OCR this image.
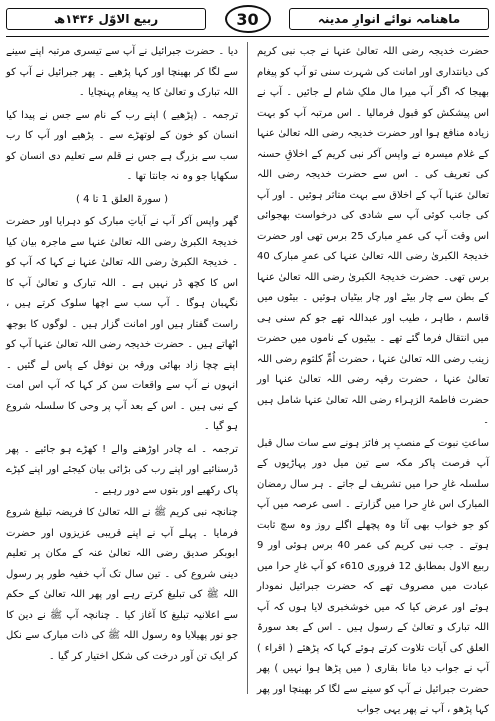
ربیع الاوّل ۱۴۳۶ھ	30	ماهنامہ نوائے انوارِ مدینہ

حضرت خدیجہ رضی اللہ تعالیٰ عنہا نے جب نبی کریم کی دیانتداری اور امانت کی شہرت سنی تو آپ کو پیغام بھیجا کہ اگر آپ میرا مال ملکِ شام لے جائیں ۔ آپ نے اس پیشکش کو قبول فرمالیا ۔ اس مرتبہ آپ کو بہت زیادہ منافع ہوا اور حضرت خدیجہ رضی اللہ تعالیٰ عنہا کے غلام میسرہ نے واپس آکر نبی کریم کے اخلاقِ حسنہ کی تعریف کی ۔ اس سے حضرت خدیجہ رضی اللہ تعالیٰ عنہا آپ کے اخلاق سے بہت متاثر ہوئیں ۔ اور آپ کی جانب کوئی آپ سے شادی کی درخواست بھجوائی اس وقت آپ کی عمرِ مبارک 25 برس تھی اور حضرت خدیجۃ الکبریٰ رضی اللہ تعالیٰ عنہا کی عمرِ مبارک 40 برس تھی۔ حضرت خدیجۃ الکبریٰ رضی اللہ تعالیٰ عنہا کے بطن سے چار بیٹے اور چار بیٹیاں ہوئیں ۔ بیٹوں میں قاسم ، طاہر ، طیب اور عبداللہ تھے جو کم سنی ہی میں انتقال فرما گئے تھے ۔ بیٹیوں کے ناموں میں حضرت زینب رضی اللہ تعالیٰ عنہا ، حضرت اُمِّ کلثوم رضی اللہ تعالیٰ عنہا ، حضرت رقیہ رضی اللہ تعالیٰ عنہا اور حضرت فاطمۃ الزہراء رضی اللہ تعالیٰ عنہا شامل ہیں ۔

ساعتِ نبوت کے منصبِ پر فائز ہونے سے سات سال قبل آپ فرصت پاکر مکہ سے تین میل دور پہاڑیوں کے سلسلہ غارِ حرا میں تشریف لے جاتے ۔ ہر سال رمضان المبارک اس غارِ حرا میں گزارتے ۔ اسی عرصہ میں آپ کو جو خواب بھی آتا وہ پچھلے اگلے روز وہ سچ ثابت ہوتے ۔ جب نبی کریم کی عمر 40 برس ہوئی اور 9 ربیع الاول بمطابق 12 فروری 610ء کو آپ غارِ حرا میں عبادت میں مصروف تھے کہ حضرت جبرائیل نمودار ہوئے اور عرض کیا کہ میں خوشخبری لایا ہوں کہ آپ اللہ تبارک و تعالیٰ کے رسول ہیں ۔ اس کے بعد سورۃ العلق کی آیات تلاوت کرتے ہوئے کہا کہ پڑھئے ( اقراء ) آپ نے جواب دیا مانا بقاری ( میں پڑھا ہوا نہیں ) پھر حضرت جبرائیل نے آپ کو سینے سے لگا کر بھینچا اور پھر کہا پڑھو ، آپ نے پھر یہی جواب

دیا ۔ حضرت جبرائیل نے آپ سے تیسری مرتبہ اپنے سینے سے لگا کر بھینچا اور کہا پڑھیے ۔ پھر جبرائیل نے آپ کو اللہ تبارک و تعالیٰ کا یہ پیغام پہنچایا ۔

ترجمہ ۔ (پڑھیے ) اپنے رب کے نام سے جس نے پیدا کیا انسان کو خون کے لوتھڑے سے ۔ پڑھیے اور آپ کا رب سب سے بزرگ ہے جس نے قلم سے تعلیم دی انسان کو سکھایا جو وہ نہ جانتا تھا ۔

( سورۃ العلق 1 تا 4 )

گھر واپس آکر آپ نے آیاتِ مبارک کو دہرایا اور حضرت خدیجۃ الکبریٰ رضی اللہ تعالیٰ عنہا سے ماجرہ بیان کیا ۔ خدیجۃ الکبریٰ رضی اللہ تعالیٰ عنہا نے کہا کہ آپ کو اس کا کچھ ڈر نہیں ہے ۔ اللہ تبارک و تعالیٰ آپ کا نگہبان ہوگا ۔ آپ سب سے اچھا سلوک کرتے ہیں ، راست گفتار ہیں اور امانت گزار ہیں ۔ لوگوں کا بوجھ اٹھاتے ہیں ۔ حضرت خدیجہ رضی اللہ تعالیٰ عنہا آپ کو اپنے چچا زاد بھائی ورقہ بن نوفل کے پاس لے گئیں ۔ انہوں نے آپ سے واقعات سن کر کہا کہ آپ اس امت کے نبی ہیں ۔ اس کے بعد آپ پر وحی کا سلسلہ شروع ہو گیا ۔

ترجمہ ۔ اے چادر اوڑھنے والے ! کھڑے ہو جائیے ۔ پھر ڈرسنائیے اور اپنے رب کی بڑائی بیان کیجئے اور اپنے کپڑے پاک رکھیے اور بتوں سے دور رہیے ۔

چنانچہ نبی کریم ﷺ نے اللہ تعالیٰ کا فریضہ تبلیغ شروع فرمایا ۔ پہلے آپ نے اپنے قریبی عزیزوں اور حضرت ابوبکر صدیق رضی اللہ تعالیٰ عنہ کے مکان پر تعلیم دینی شروع کی ۔ تین سال تک آپ خفیہ طور پر رسول اللہ ﷺ کی تبلیغ کرتے رہے اور پھر اللہ تعالیٰ کے حکم سے اعلانیہ تبلیغ کا آغاز کیا ۔ چنانچہ آپ ﷺ نے دین کا جو نور پھیلایا وہ رسول اللہ ﷺ کی ذات مبارک سے نکل کر ایک تن آور درخت کی شکل اختیار کر گیا ۔
